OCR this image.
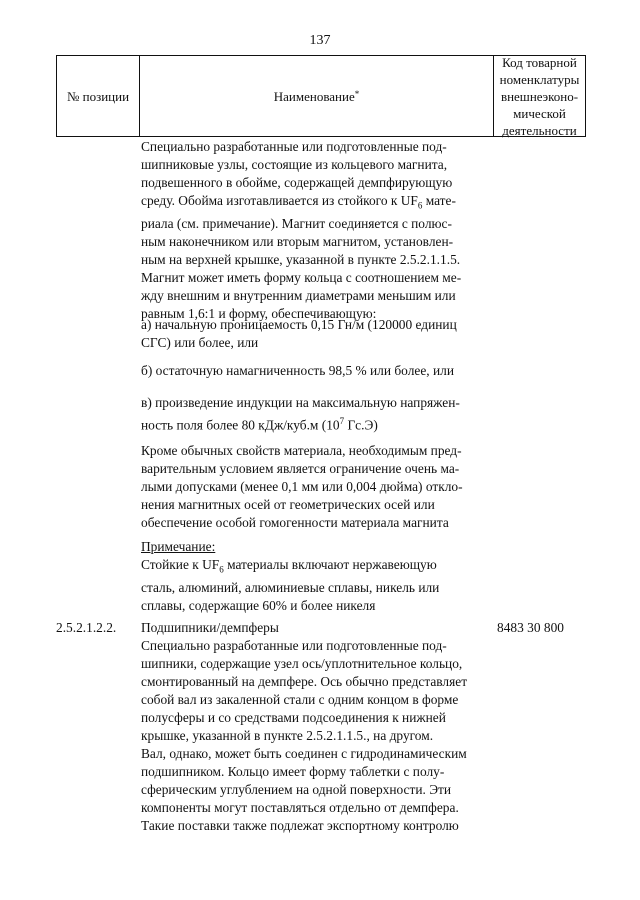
137
№ позиции	Наименование*
Код товарной
номенклатуры
внешнеэконо-
мической
деятельности

Специально разработанные или подготовленные под-

шипниковые узлы, состоящие из кольцевого магнита,

подвешенного в обойме, содержащей демпфирующую

среду. Обойма изготавливается из стойкого к $UF_6$ мате-

риала (см. примечание). Магнит соединяется с полюс-

ным наконечником или вторым магнитом, установлен-

ным на верхней крышке, указанной в пункте 2.5.2.1.1.5.

Магнит может иметь форму кольца с соотношением ме-

жду внешним и внутренним диаметрами меньшим или

равным 1,6:1 и форму, обеспечивающую:

а) начальную проницаемость 0,15 Гн/м (120000 единиц

СГС) или более, или

б) остаточную намагниченность 98,5 % или более, или

в) произведение индукции на максимальную напряжен-

ность поля более 80 кДж/куб.м ($10^7$ Гс.Э)

Кроме обычных свойств материала, необходимым пред-

варительным условием является ограничение очень ма-

лыми допусками (менее 0,1 мм или 0,004 дюйма) откло-

нения магнитных осей от геометрических осей или

обеспечение особой гомогенности материала магнита

Примечание:

Стойкие к $UF_6$ материалы включают нержавеющую

сталь, алюминий, алюминиевые сплавы, никель или

сплавы, содержащие 60% и более никеля

2.5.2.1.2.2.	8483 30 800

Подшипники/демпферы

Специально разработанные или подготовленные под-

шипники, содержащие узел ось/уплотнительное кольцо,

смонтированный на демпфере. Ось обычно представляет

собой вал из закаленной стали с одним концом в форме

полусферы и со средствами подсоединения к нижней

крышке, указанной в пункте 2.5.2.1.1.5., на другом.

Вал, однако, может быть соединен с гидродинамическим

подшипником. Кольцо имеет форму таблетки с полу-

сферическим углублением на одной поверхности. Эти

компоненты могут поставляться отдельно от демпфера.

Такие поставки также подлежат экспортному контролю
